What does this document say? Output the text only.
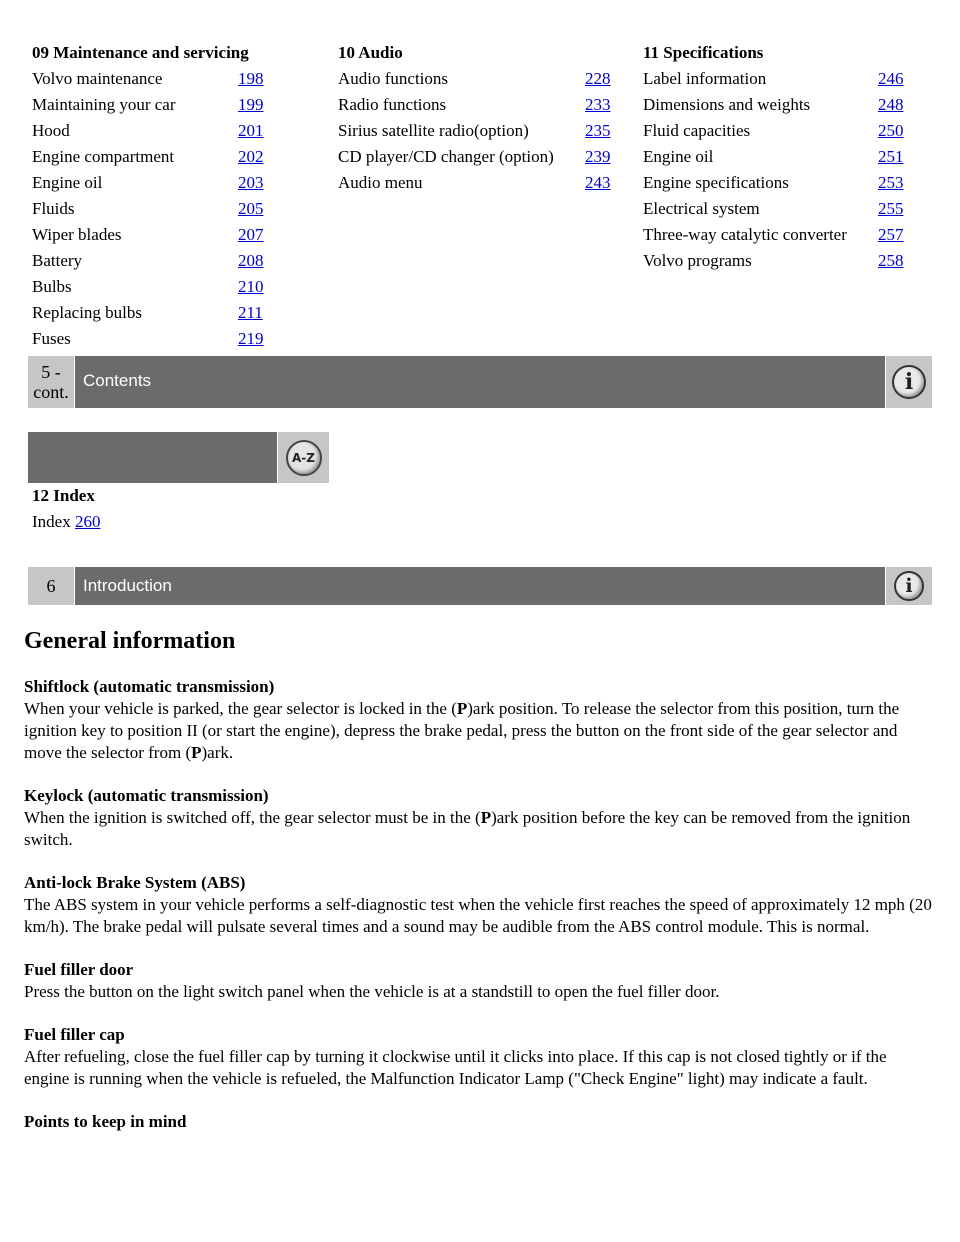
09 Maintenance and servicing
Volvo maintenance	198
Maintaining your car	199
Hood	201
Engine compartment	202
Engine oil	203
Fluids	205
Wiper blades	207
Battery	208
Bulbs	210
Replacing bulbs	211
Fuses	219
10 Audio
Audio functions	228
Radio functions	233
Sirius satellite radio(option)	235
CD player/CD changer (option)	239
Audio menu	243
11 Specifications
Label information	246
Dimensions and weights	248
Fluid capacities	250
Engine oil	251
Engine specifications	253
Electrical system	255
Three-way catalytic converter	257
Volvo programs	258
5 -
cont.
Contents	i
A-Z
12 Index
Index 260
6	Introduction	i
General information
Shiftlock (automatic transmission)
When your vehicle is parked, the gear selector is locked in the (P)ark position. To release the selector from this position, turn the ignition key to position II (or start the engine), depress the brake pedal, press the button on the front side of the gear selector and move the selector from (P)ark.
Keylock (automatic transmission)
When the ignition is switched off, the gear selector must be in the (P)ark position before the key can be removed from the ignition switch.
Anti-lock Brake System (ABS)
The ABS system in your vehicle performs a self-diagnostic test when the vehicle first reaches the speed of approximately 12 mph (20 km/h). The brake pedal will pulsate several times and a sound may be audible from the ABS control module. This is normal.
Fuel filler door
Press the button on the light switch panel when the vehicle is at a standstill to open the fuel filler door.
Fuel filler cap
After refueling, close the fuel filler cap by turning it clockwise until it clicks into place. If this cap is not closed tightly or if the engine is running when the vehicle is refueled, the Malfunction Indicator Lamp ("Check Engine" light) may indicate a fault.
Points to keep in mind
